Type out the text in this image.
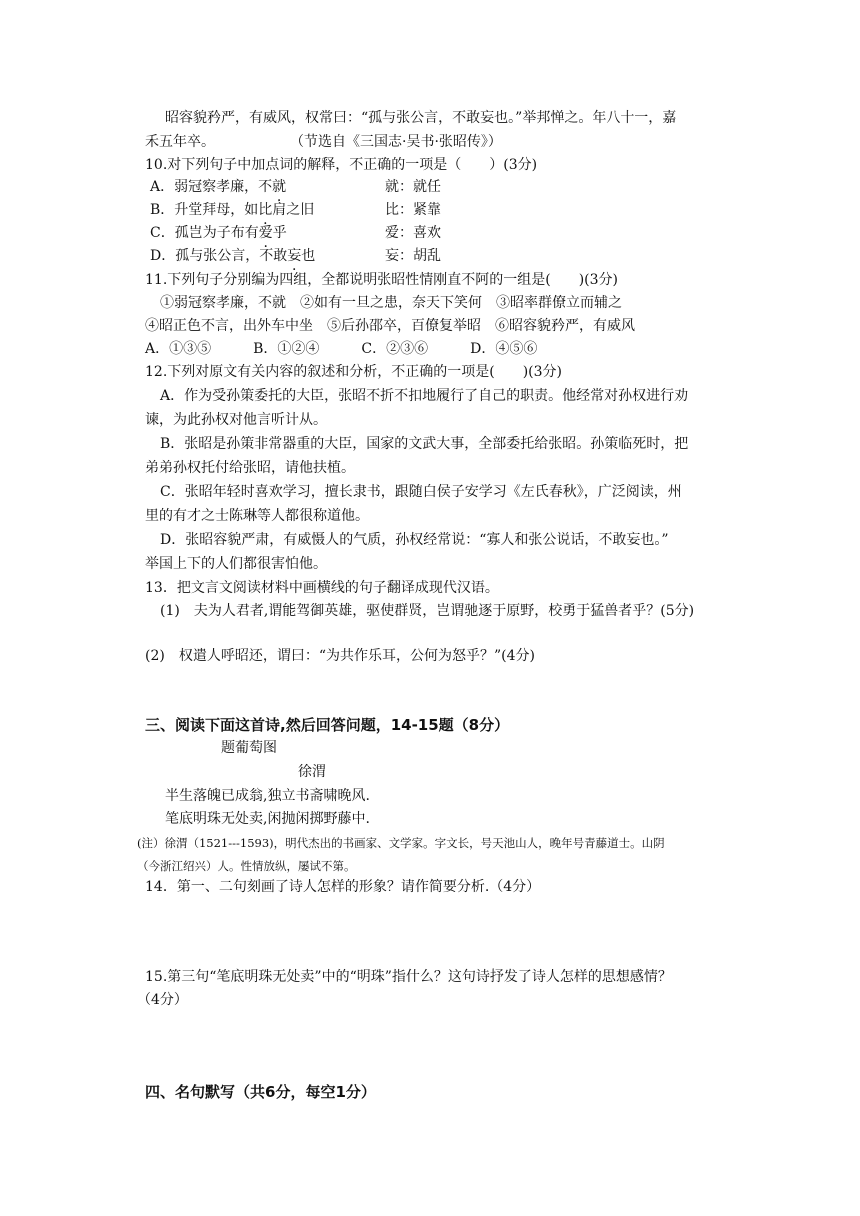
昭容貌矜严，有威风，权常曰：“孤与张公言，不敢妄也。”举邦惮之。年八十一，嘉
禾五年卒。	（节选自《三国志·吴书·张昭传》）
10.对下列句子中加点词的解释，不正确的一项是（　　）(3分)
A．弱冠察孝廉，不就	就：就任
B．升堂拜母，如比肩之旧	比：紧靠
C．孤岂为子布有爱乎	爱：喜欢
D．孤与张公言，不敢妄也	妄：胡乱
11.下列句子分别编为四组，全都说明张昭性情刚直不阿的一组是(　　)(3分)
①弱冠察孝廉，不就　②如有一旦之患，奈天下笑何　③昭率群僚立而辅之
④昭正色不言，出外车中坐　⑤后孙邵卒，百僚复举昭　⑥昭容貌矜严，有威风
A．①③⑤　　　B．①②④　　　C．②③⑥　　　D．④⑤⑥
12.下列对原文有关内容的叙述和分析，不正确的一项是(　　)(3分)
A．作为受孙策委托的大臣，张昭不折不扣地履行了自己的职责。他经常对孙权进行劝
谏，为此孙权对他言听计从。
B．张昭是孙策非常器重的大臣，国家的文武大事，全部委托给张昭。孙策临死时，把
弟弟孙权托付给张昭，请他扶植。
C．张昭年轻时喜欢学习，擅长隶书，跟随白侯子安学习《左氏春秋》，广泛阅读，州
里的有才之士陈琳等人都很称道他。
D．张昭容貌严肃，有威慑人的气质，孙权经常说：“寡人和张公说话，不敢妄也。”
举国上下的人们都很害怕他。
13．把文言文阅读材料中画横线的句子翻译成现代汉语。
(1)　夫为人君者,谓能驾御英雄，驱使群贤，岂谓驰逐于原野，校勇于猛兽者乎？(5分)
(2)　权遣人呼昭还，谓曰：“为共作乐耳，公何为怒乎？”(4分)
三、阅读下面这首诗,然后回答问题，14-15题（8分）
题葡萄图
徐渭
半生落魄已成翁,独立书斋啸晚风.
笔底明珠无处卖,闲抛闲掷野藤中.
(注）徐渭（1521---1593)，明代杰出的书画家、文学家。字文长，号天池山人，晚年号青藤道士。山阴
（今浙江绍兴）人。性情放纵，屡试不第。
14．第一、二句刻画了诗人怎样的形象？请作简要分析.（4分）
15.第三句“笔底明珠无处卖”中的“明珠”指什么？这句诗抒发了诗人怎样的思想感情？
（4分）
四、名句默写（共6分，每空1分）
